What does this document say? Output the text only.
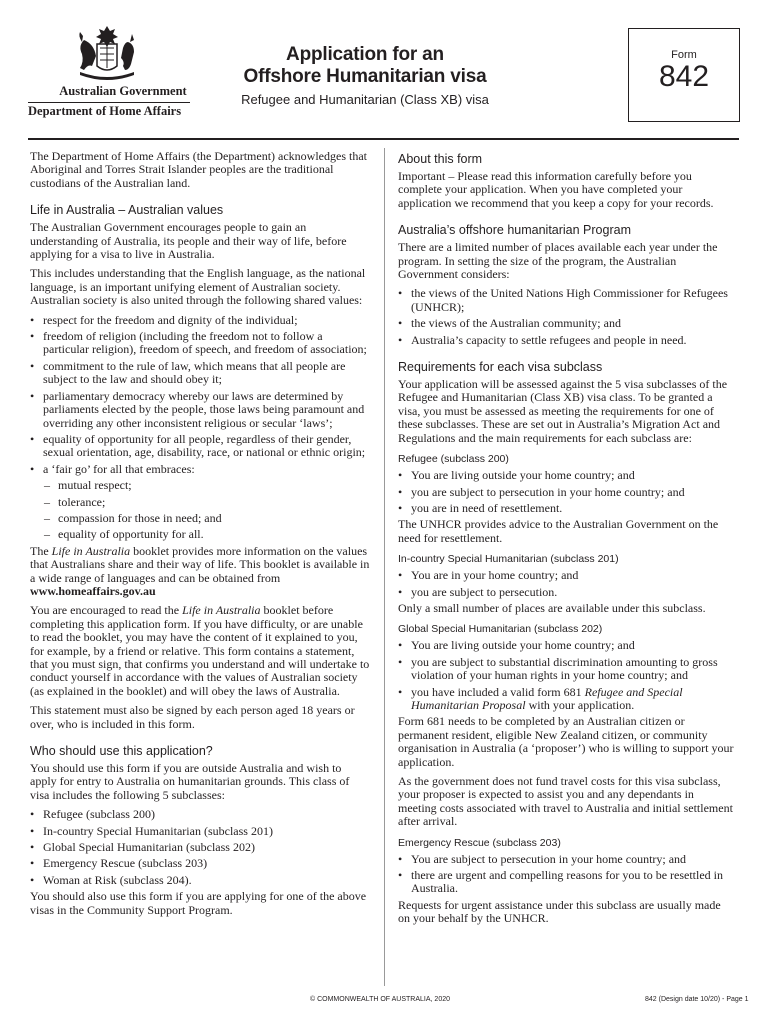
Australian Government
Department of Home Affairs
Application for an
Offshore Humanitarian visa
Refugee and Humanitarian (Class XB) visa
Form
842

The Department of Home Affairs (the Department) acknowledges that Aboriginal and Torres Strait Islander peoples are the traditional custodians of the Australian land.

Life in Australia – Australian values

The Australian Government encourages people to gain an understanding of Australia, its people and their way of life, before applying for a visa to live in Australia.

This includes understanding that the English language, as the national language, is an important unifying element of Australian society. Australian society is also united through the following shared values:

• respect for the freedom and dignity of the individual;
• freedom of religion (including the freedom not to follow a particular religion), freedom of speech, and freedom of association;
• commitment to the rule of law, which means that all people are subject to the law and should obey it;
• parliamentary democracy whereby our laws are determined by parliaments elected by the people, those laws being paramount and overriding any other inconsistent religious or secular ‘laws’;
• equality of opportunity for all people, regardless of their gender, sexual orientation, age, disability, race, or national or ethnic origin;
• a ‘fair go’ for all that embraces:
– mutual respect;
– tolerance;
– compassion for those in need; and
– equality of opportunity for all.

The Life in Australia booklet provides more information on the values that Australians share and their way of life. This booklet is available in a wide range of languages and can be obtained from
www.homeaffairs.gov.au

You are encouraged to read the Life in Australia booklet before completing this application form. If you have difficulty, or are unable to read the booklet, you may have the content of it explained to you, for example, by a friend or relative. This form contains a statement, that you must sign, that confirms you understand and will undertake to conduct yourself in accordance with the values of Australian society (as explained in the booklet) and will obey the laws of Australia.

This statement must also be signed by each person aged 18 years or over, who is included in this form.

Who should use this application?

You should use this form if you are outside Australia and wish to apply for entry to Australia on humanitarian grounds. This class of visa includes the following 5 subclasses:

• Refugee (subclass 200)
• In-country Special Humanitarian (subclass 201)
• Global Special Humanitarian (subclass 202)
• Emergency Rescue (subclass 203)
• Woman at Risk (subclass 204).

You should also use this form if you are applying for one of the above visas in the Community Support Program.

About this form

Important – Please read this information carefully before you complete your application. When you have completed your application we recommend that you keep a copy for your records.

Australia’s offshore humanitarian Program

There are a limited number of places available each year under the program. In setting the size of the program, the Australian Government considers:

• the views of the United Nations High Commissioner for Refugees (UNHCR);
• the views of the Australian community; and
• Australia’s capacity to settle refugees and people in need.
Requirements for each visa subclass

Your application will be assessed against the 5 visa subclasses of the Refugee and Humanitarian (Class XB) visa class. To be granted a visa, you must be assessed as meeting the requirements for one of these subclasses. These are set out in Australia’s Migration Act and Regulations and the main requirements for each subclass are:

Refugee (subclass 200)
• You are living outside your home country; and
• you are subject to persecution in your home country; and
• you are in need of resettlement.

The UNHCR provides advice to the Australian Government on the need for resettlement.

In-country Special Humanitarian (subclass 201)
• You are in your home country; and
• you are subject to persecution.

Only a small number of places are available under this subclass.

Global Special Humanitarian (subclass 202)
• You are living outside your home country; and
• you are subject to substantial discrimination amounting to gross violation of your human rights in your home country; and
• you have included a valid form 681 Refugee and Special Humanitarian Proposal with your application.

Form 681 needs to be completed by an Australian citizen or permanent resident, eligible New Zealand citizen, or community organisation in Australia (a ‘proposer’) who is willing to support your application.

As the government does not fund travel costs for this visa subclass, your proposer is expected to assist you and any dependants in meeting costs associated with travel to Australia and initial settlement after arrival.

Emergency Rescue (subclass 203)
• You are subject to persecution in your home country; and
• there are urgent and compelling reasons for you to be resettled in Australia.

Requests for urgent assistance under this subclass are usually made on your behalf by the UNHCR.

© COMMONWEALTH OF AUSTRALIA, 2020	842 (Design date 10/20) - Page 1
